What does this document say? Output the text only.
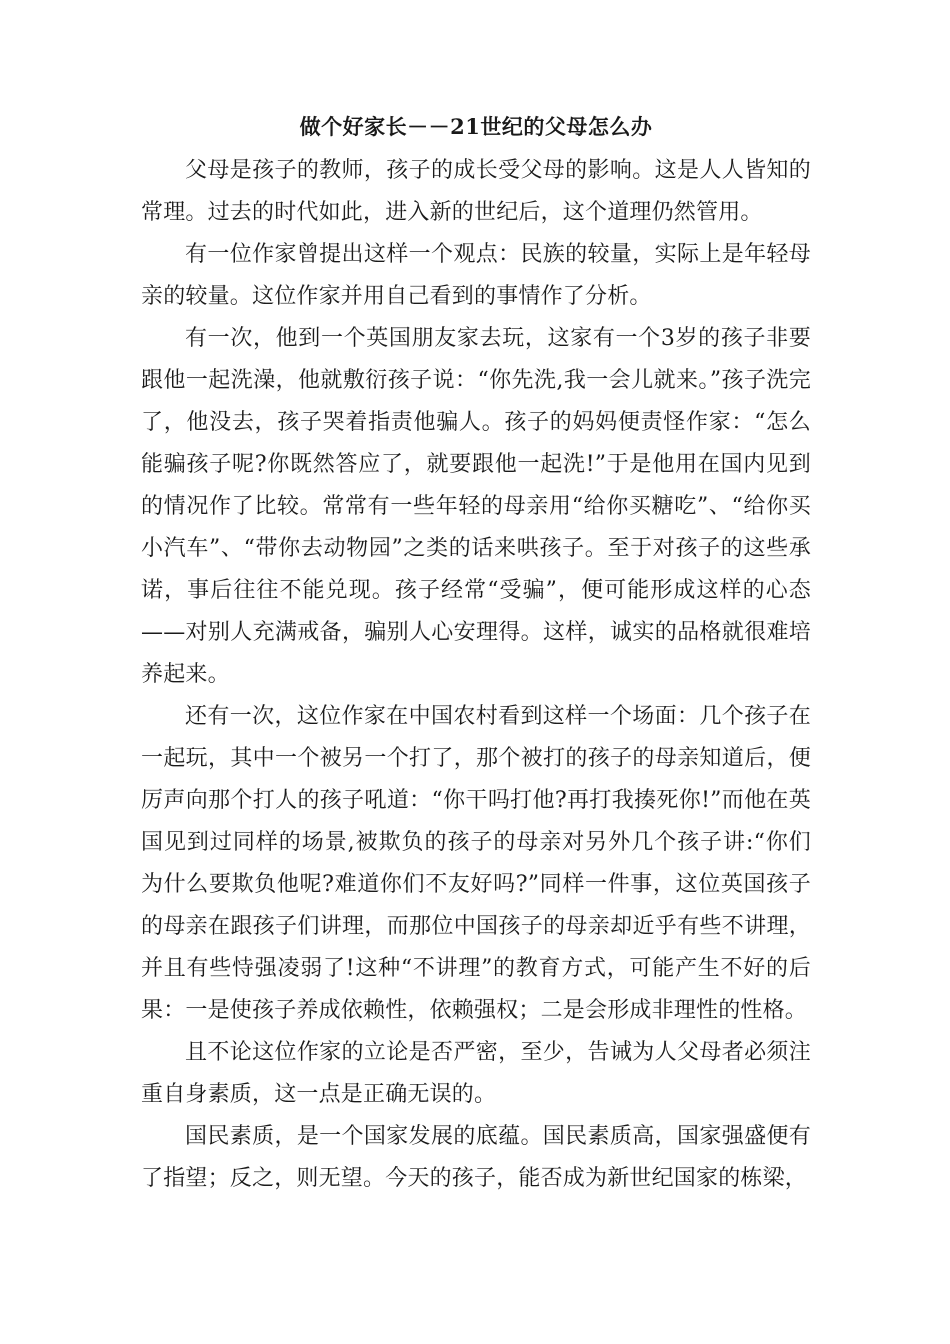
做个好家长－－21世纪的父母怎么办

父母是孩子的教师，孩子的成长受父母的影响。这是人人皆知的常理。过去的时代如此，进入新的世纪后，这个道理仍然管用。

有一位作家曾提出这样一个观点：民族的较量，实际上是年轻母亲的较量。这位作家并用自己看到的事情作了分析。

有一次，他到一个英国朋友家去玩，这家有一个3岁的孩子非要跟他一起洗澡，他就敷衍孩子说：“你先洗,我一会儿就来。”孩子洗完了，他没去，孩子哭着指责他骗人。孩子的妈妈便责怪作家：“怎么能骗孩子呢?你既然答应了，就要跟他一起洗!”于是他用在国内见到的情况作了比较。常常有一些年轻的母亲用“给你买糖吃”、“给你买小汽车”、“带你去动物园”之类的话来哄孩子。至于对孩子的这些承诺，事后往往不能兑现。孩子经常“受骗”，便可能形成这样的心态——对别人充满戒备，骗别人心安理得。这样，诚实的品格就很难培养起来。

还有一次，这位作家在中国农村看到这样一个场面：几个孩子在一起玩，其中一个被另一个打了，那个被打的孩子的母亲知道后，便厉声向那个打人的孩子吼道：“你干吗打他?再打我揍死你!”而他在英国见到过同样的场景,被欺负的孩子的母亲对另外几个孩子讲:“你们为什么要欺负他呢?难道你们不友好吗?”同样一件事，这位英国孩子的母亲在跟孩子们讲理，而那位中国孩子的母亲却近乎有些不讲理，并且有些恃强凌弱了!这种“不讲理”的教育方式，可能产生不好的后果：一是使孩子养成依赖性，依赖强权；二是会形成非理性的性格。

且不论这位作家的立论是否严密，至少，告诫为人父母者必须注重自身素质，这一点是正确无误的。

国民素质，是一个国家发展的底蕴。国民素质高，国家强盛便有了指望；反之，则无望。今天的孩子，能否成为新世纪国家的栋梁，
